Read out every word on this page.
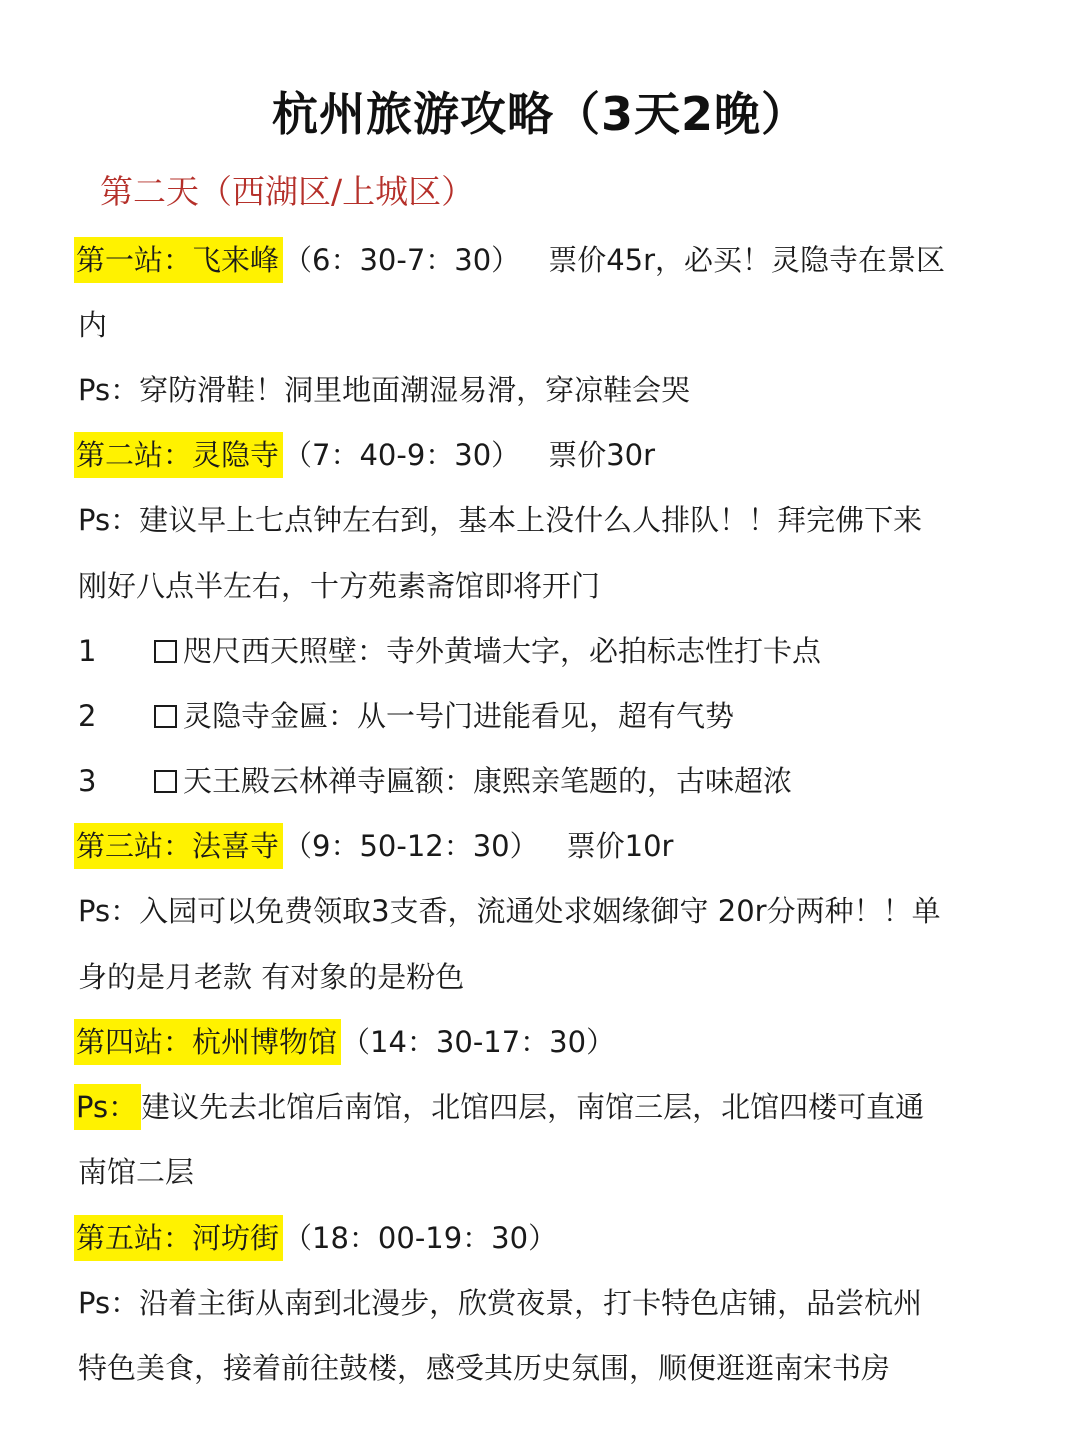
杭州旅游攻略（3天2晚）
第二天（西湖区/上城区）
第一站：飞来峰 （6：30-7：30） 票价45r，必买！灵隐寺在景区
内
Ps：穿防滑鞋！洞里地面潮湿易滑，穿凉鞋会哭
第二站：灵隐寺 （7：40-9：30） 票价30r
Ps：建议早上七点钟左右到，基本上没什么人排队！！拜完佛下来
刚好八点半左右，十方苑素斋馆即将开门
1	咫尺西天照壁：寺外黄墙大字，必拍标志性打卡点
2	灵隐寺金匾：从一号门进能看见，超有气势
3	天王殿云林禅寺匾额：康熙亲笔题的，古味超浓
第三站：法喜寺 （9：50-12：30） 票价10r
Ps：入园可以免费领取3支香，流通处求姻缘御守 20r分两种！！单
身的是月老款 有对象的是粉色
第四站：杭州博物馆 （14：30-17：30）
Ps： 建议先去北馆后南馆，北馆四层，南馆三层，北馆四楼可直通
南馆二层
第五站：河坊街 （18：00-19：30）
Ps：沿着主街从南到北漫步，欣赏夜景，打卡特色店铺，品尝杭州
特色美食，接着前往鼓楼，感受其历史氛围，顺便逛逛南宋书房
